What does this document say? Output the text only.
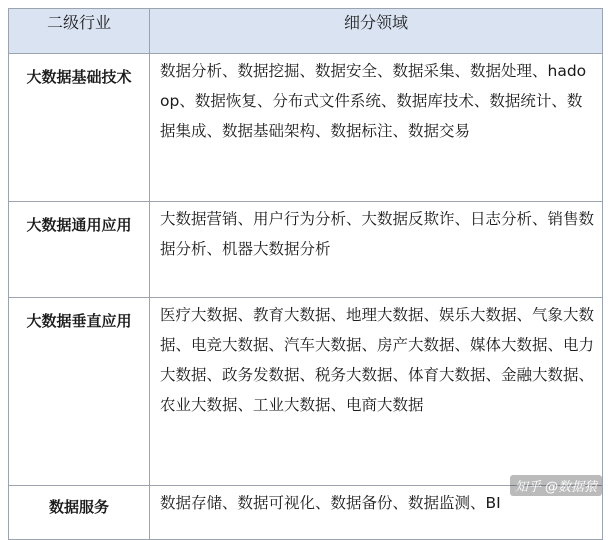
二级行业	细分领域
大数据基础技术	数据分析、数据挖掘、数据安全、数据采集、数据处理、hadoop、数据恢复、分布式文件系统、数据库技术、数据统计、数据集成、数据基础架构、数据标注、数据交易
大数据通用应用	大数据营销、用户行为分析、大数据反欺诈、日志分析、销售数据分析、机器大数据分析
大数据垂直应用	医疗大数据、教育大数据、地理大数据、娱乐大数据、气象大数据、电竞大数据、汽车大数据、房产大数据、媒体大数据、电力大数据、政务发数据、税务大数据、体育大数据、金融大数据、农业大数据、工业大数据、电商大数据
数据服务	数据存储、数据可视化、数据备份、数据监测、BI
知乎 @数据猿
